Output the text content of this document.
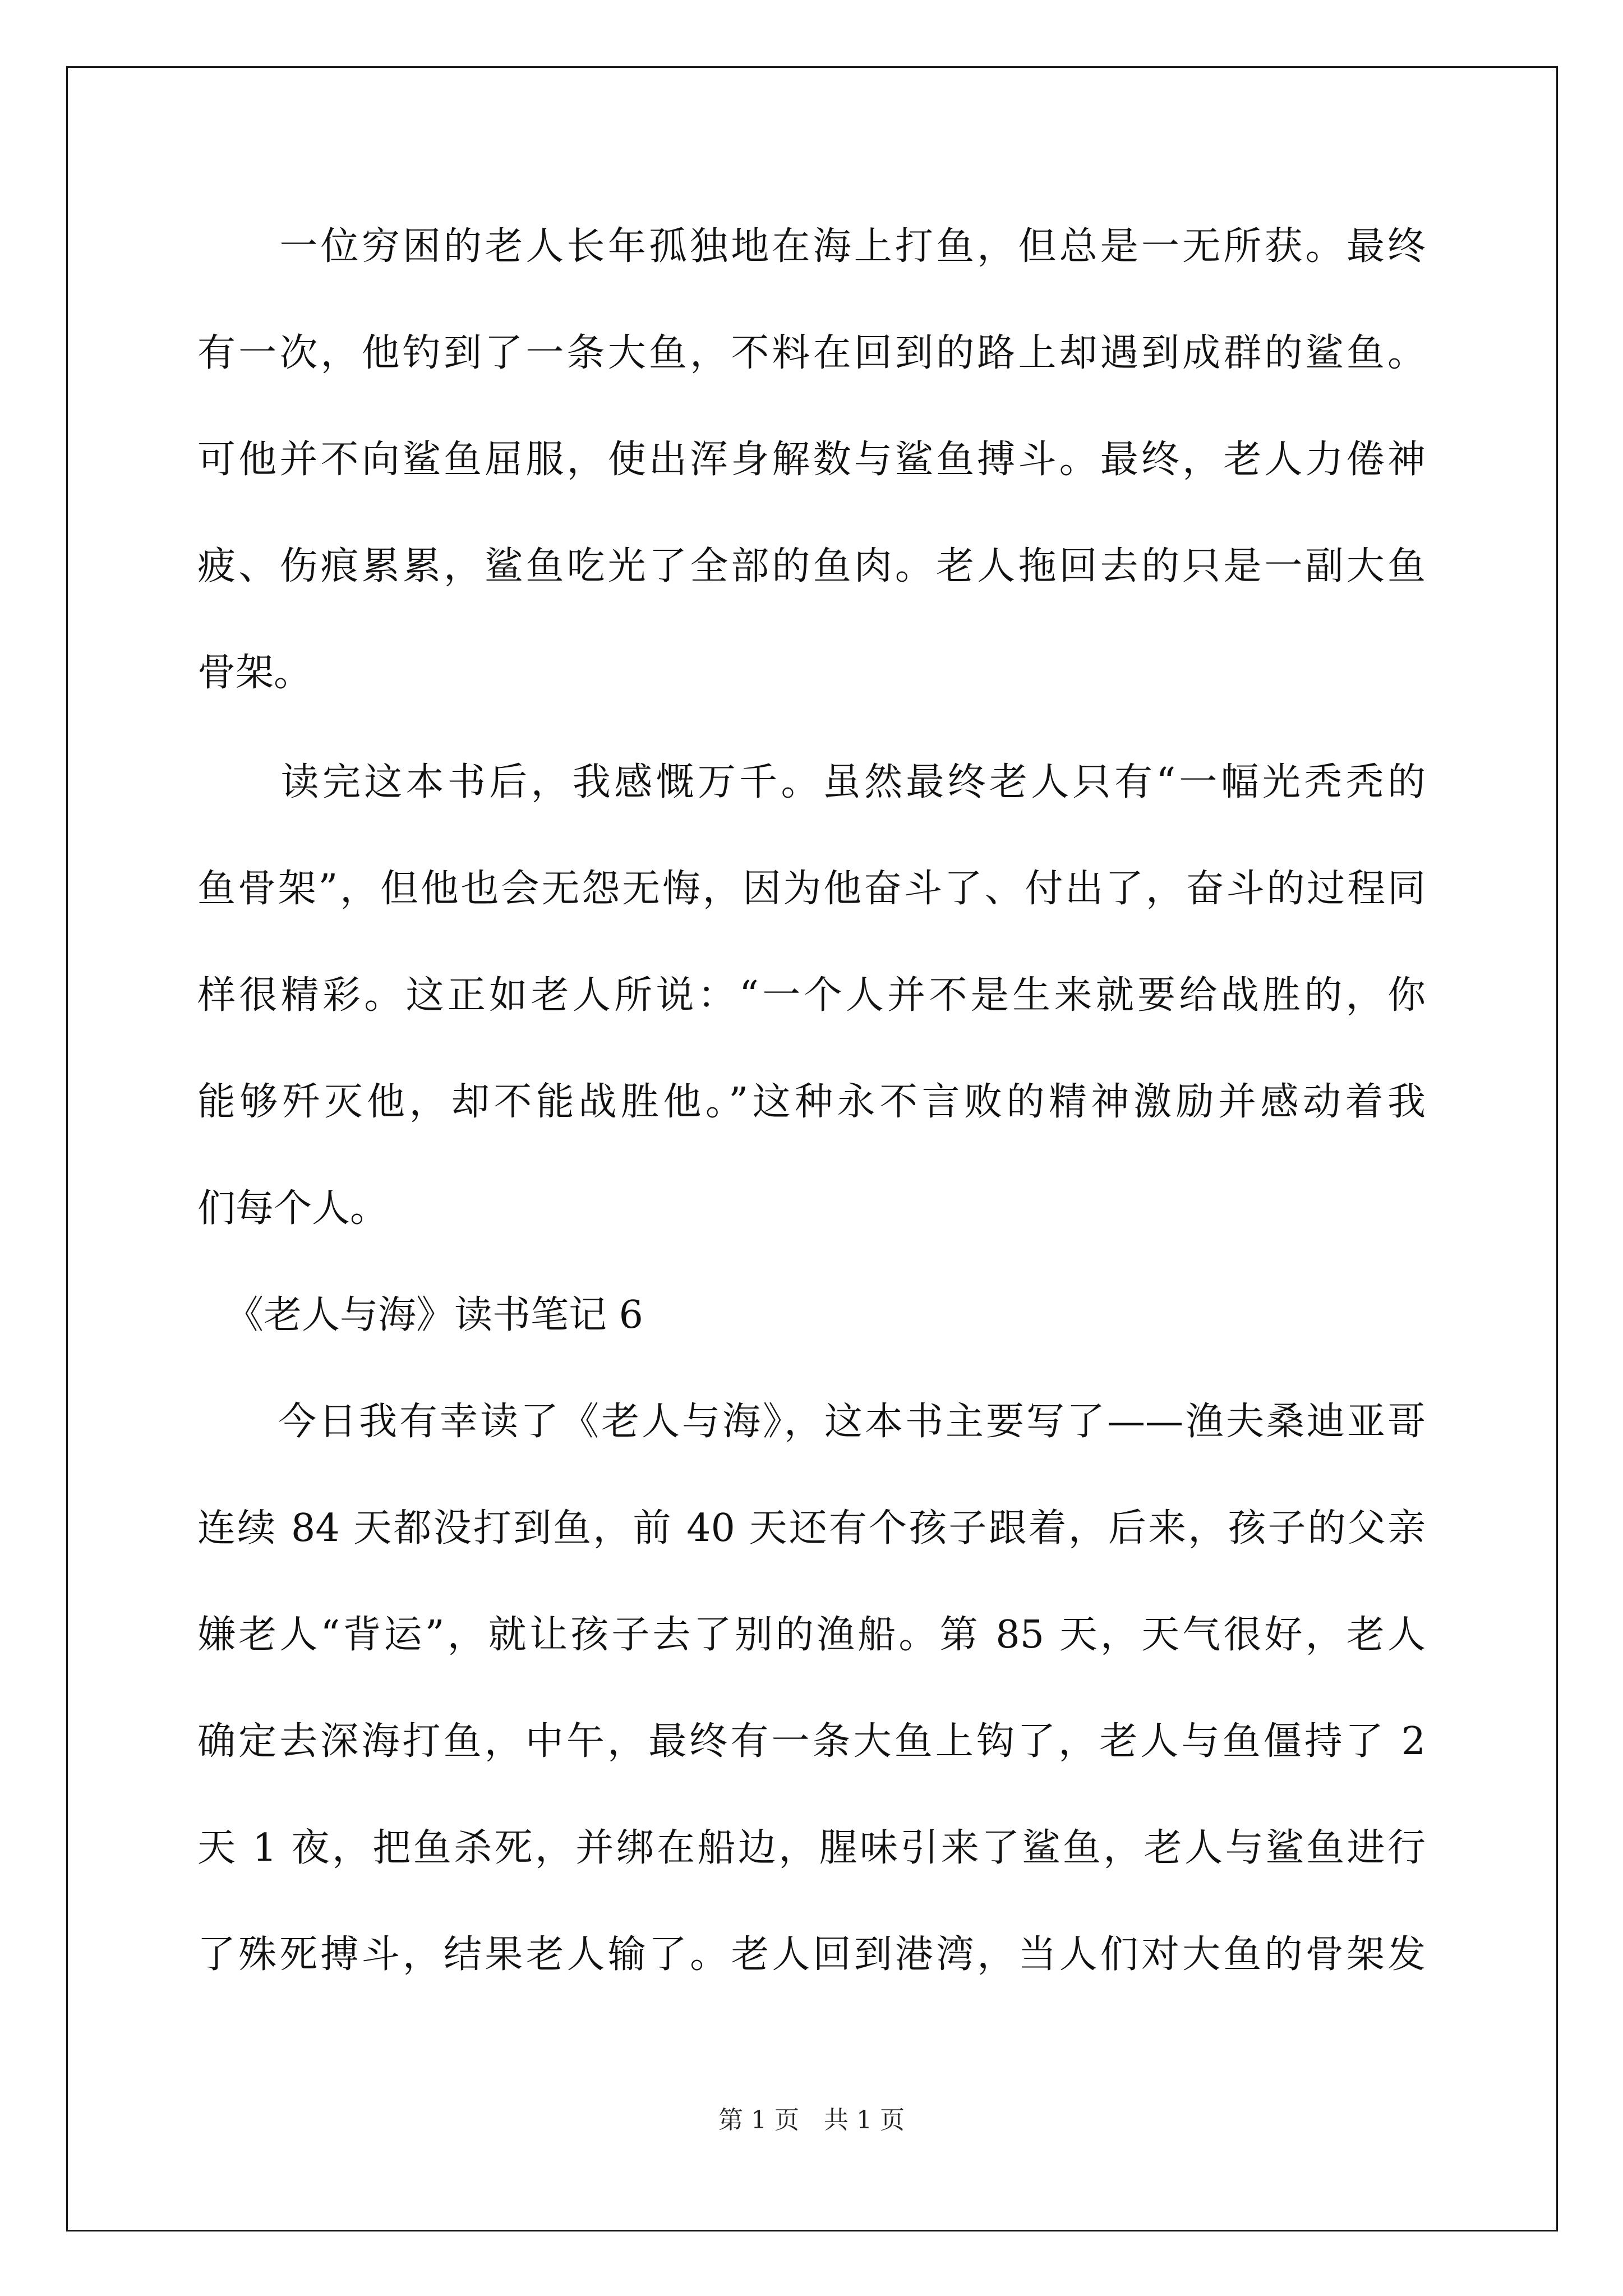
　　一位穷困的老人长年孤独地在海上打鱼，但总是一无所获。最终
有一次，他钓到了一条大鱼，不料在回到的路上却遇到成群的鲨鱼。
可他并不向鲨鱼屈服，使出浑身解数与鲨鱼搏斗。最终，老人力倦神
疲、伤痕累累，鲨鱼吃光了全部的鱼肉。老人拖回去的只是一副大鱼
骨架。
　　读完这本书后，我感慨万千。虽然最终老人只有“一幅光秃秃的
鱼骨架”，但他也会无怨无悔，因为他奋斗了、付出了，奋斗的过程同
样很精彩。这正如老人所说：“一个人并不是生来就要给战胜的，你
能够歼灭他，却不能战胜他。”这种永不言败的精神激励并感动着我
们每个人。
《老人与海》读书笔记 6
　　今日我有幸读了《老人与海》，这本书主要写了——渔夫桑迪亚哥
连续 84 天都没打到鱼，前 40 天还有个孩子跟着，后来，孩子的父亲
嫌老人“背运”，就让孩子去了别的渔船。第 85 天，天气很好，老人
确定去深海打鱼，中午，最终有一条大鱼上钩了，老人与鱼僵持了 2
天 1 夜，把鱼杀死，并绑在船边，腥味引来了鲨鱼，老人与鲨鱼进行
了殊死搏斗，结果老人输了。老人回到港湾，当人们对大鱼的骨架发
第 1 页　共 1 页
